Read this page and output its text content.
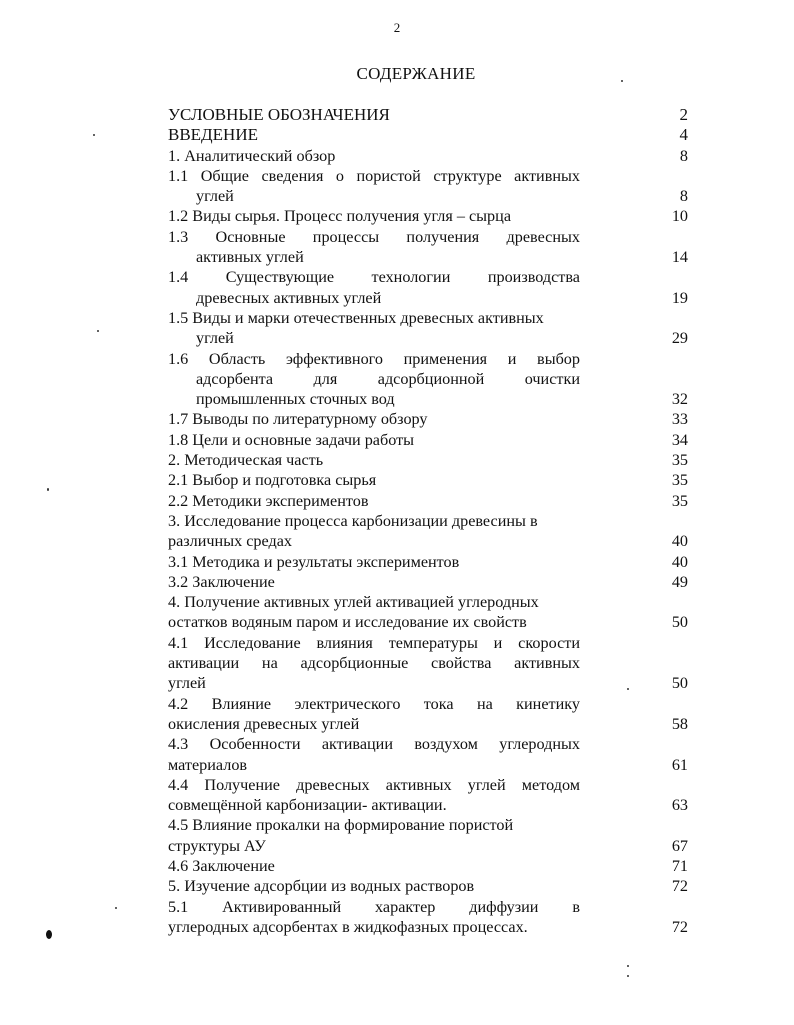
2
СОДЕРЖАНИЕ
УСЛОВНЫЕ ОБОЗНАЧЕНИЯ	2
ВВЕДЕНИЕ	4
1. Аналитический обзор	8
1.1 Общие сведения о пористой структуре активных
углей	8
1.2 Виды сырья. Процесс получения угля – сырца	10
1.3 Основные процессы получения древесных
активных углей	14
1.4 Существующие технологии производства
древесных активных углей	19
1.5 Виды и марки отечественных древесных активных
углей	29
1.6 Область эффективного применения и выбор
адсорбента для адсорбционной очистки
промышленных сточных вод	32
1.7 Выводы по литературному обзору	33
1.8 Цели и основные задачи работы	34
2. Методическая часть	35
2.1 Выбор и подготовка сырья	35
2.2 Методики экспериментов	35
3. Исследование процесса карбонизации древесины в
различных средах	40
3.1 Методика и результаты экспериментов	40
3.2 Заключение	49
4. Получение активных углей активацией углеродных
остатков водяным паром и исследование их свойств	50
4.1 Исследование влияния температуры и скорости
активации на адсорбционные свойства активных
углей	50
4.2 Влияние электрического тока на кинетику
окисления древесных углей	58
4.3 Особенности активации воздухом углеродных
материалов	61
4.4 Получение древесных активных углей методом
совмещённой карбонизации- активации.	63
4.5 Влияние прокалки на формирование пористой
структуры АУ	67
4.6 Заключение	71
5. Изучение адсорбции из водных растворов	72
5.1 Активированный характер диффузии в
углеродных адсорбентах в жидкофазных процессах.	72
